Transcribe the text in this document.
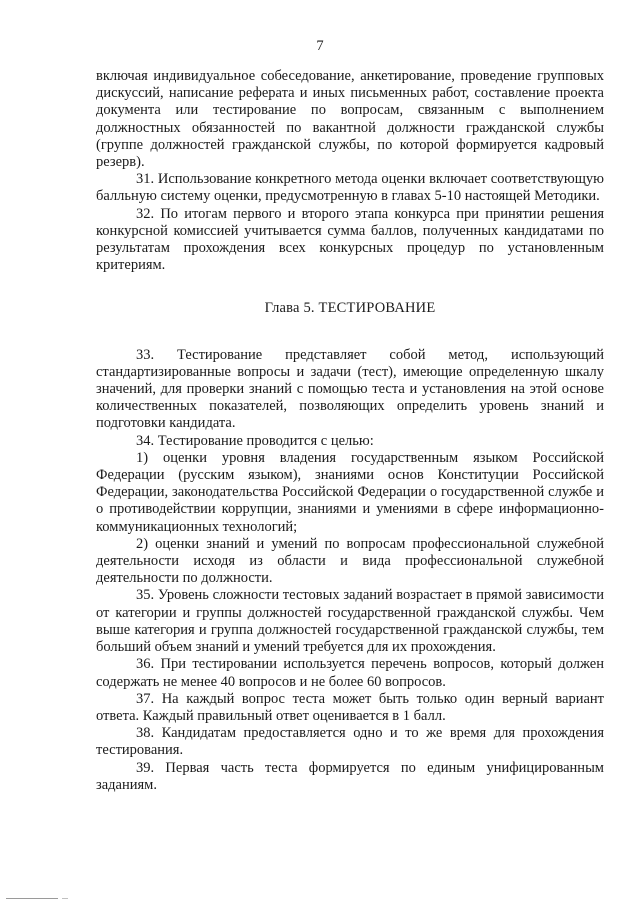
7

включая индивидуальное собеседование, анкетирование, проведение групповых дискуссий, написание реферата и иных письменных работ, составление проекта документа или тестирование по вопросам, связанным с выполнением должностных обязанностей по вакантной должности гражданской службы (группе должностей гражданской службы, по которой формируется кадровый резерв).

31. Использование конкретного метода оценки включает соответствующую балльную систему оценки, предусмотренную в главах 5-10 настоящей Методики.

32. По итогам первого и второго этапа конкурса при принятии решения конкурсной комиссией учитывается сумма баллов, полученных кандидатами по результатам прохождения всех конкурсных процедур по установленным критериям.

Глава 5. ТЕСТИРОВАНИЕ

33. Тестирование представляет собой метод, использующий стандартизированные вопросы и задачи (тест), имеющие определенную шкалу значений, для проверки знаний с помощью теста и установления на этой основе количественных показателей, позволяющих определить уровень знаний и подготовки кандидата.

34. Тестирование проводится с целью:

1) оценки уровня владения государственным языком Российской Федерации (русским языком), знаниями основ Конституции Российской Федерации, законодательства Российской Федерации о государственной службе и о противодействии коррупции, знаниями и умениями в сфере информационно-коммуникационных технологий;

2) оценки знаний и умений по вопросам профессиональной служебной деятельности исходя из области и вида профессиональной служебной деятельности по должности.

35. Уровень сложности тестовых заданий возрастает в прямой зависимости от категории и группы должностей государственной гражданской службы. Чем выше категория и группа должностей государственной гражданской службы, тем больший объем знаний и умений требуется для их прохождения.

36. При тестировании используется перечень вопросов, который должен содержать не менее 40 вопросов и не более 60 вопросов.

37. На каждый вопрос теста может быть только один верный вариант ответа. Каждый правильный ответ оценивается в 1 балл.

38. Кандидатам предоставляется одно и то же время для прохождения тестирования.

39. Первая часть теста формируется по единым унифицированным заданиям.
